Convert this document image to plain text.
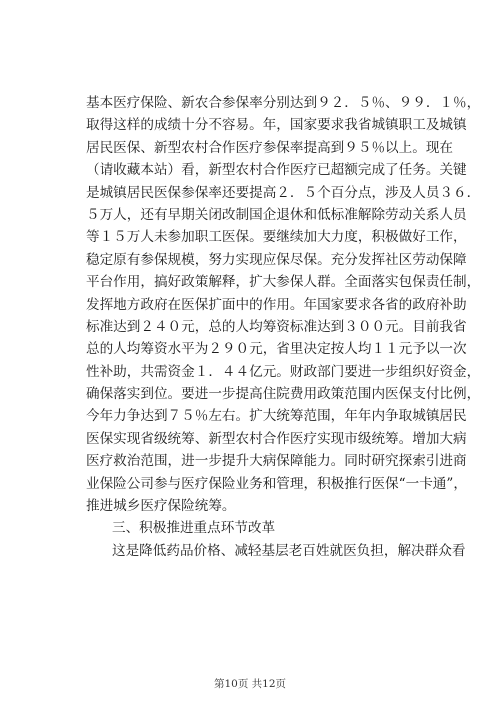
基本医疗保险、新农合参保率分别达到９２．５％、９９．１％，
取得这样的成绩十分不容易。年，国家要求我省城镇职工及城镇
居民医保、新型农村合作医疗参保率提高到９５％以上。现在
（请收藏本站）看，新型农村合作医疗已超额完成了任务。关键
是城镇居民医保参保率还要提高２．５个百分点，涉及人员３６．
５万人，还有早期关闭改制国企退休和低标准解除劳动关系人员
等１５万人未参加职工医保。要继续加大力度，积极做好工作，
稳定原有参保规模，努力实现应保尽保。充分发挥社区劳动保障
平台作用，搞好政策解释，扩大参保人群。全面落实包保责任制，
发挥地方政府在医保扩面中的作用。年国家要求各省的政府补助
标准达到２４０元，总的人均筹资标准达到３００元。目前我省
总的人均筹资水平为２９０元，省里决定按人均１１元予以一次
性补助，共需资金１．４４亿元。财政部门要进一步组织好资金，
确保落实到位。要进一步提高住院费用政策范围内医保支付比例，
今年力争达到７５％左右。扩大统筹范围，年年内争取城镇居民
医保实现省级统筹、新型农村合作医疗实现市级统筹。增加大病
医疗救治范围，进一步提升大病保障能力。同时研究探索引进商
业保险公司参与医疗保险业务和管理，积极推行医保“一卡通”，
推进城乡医疗保险统筹。
三、积极推进重点环节改革
这是降低药品价格、减轻基层老百姓就医负担，解决群众看
第10页 共12页
